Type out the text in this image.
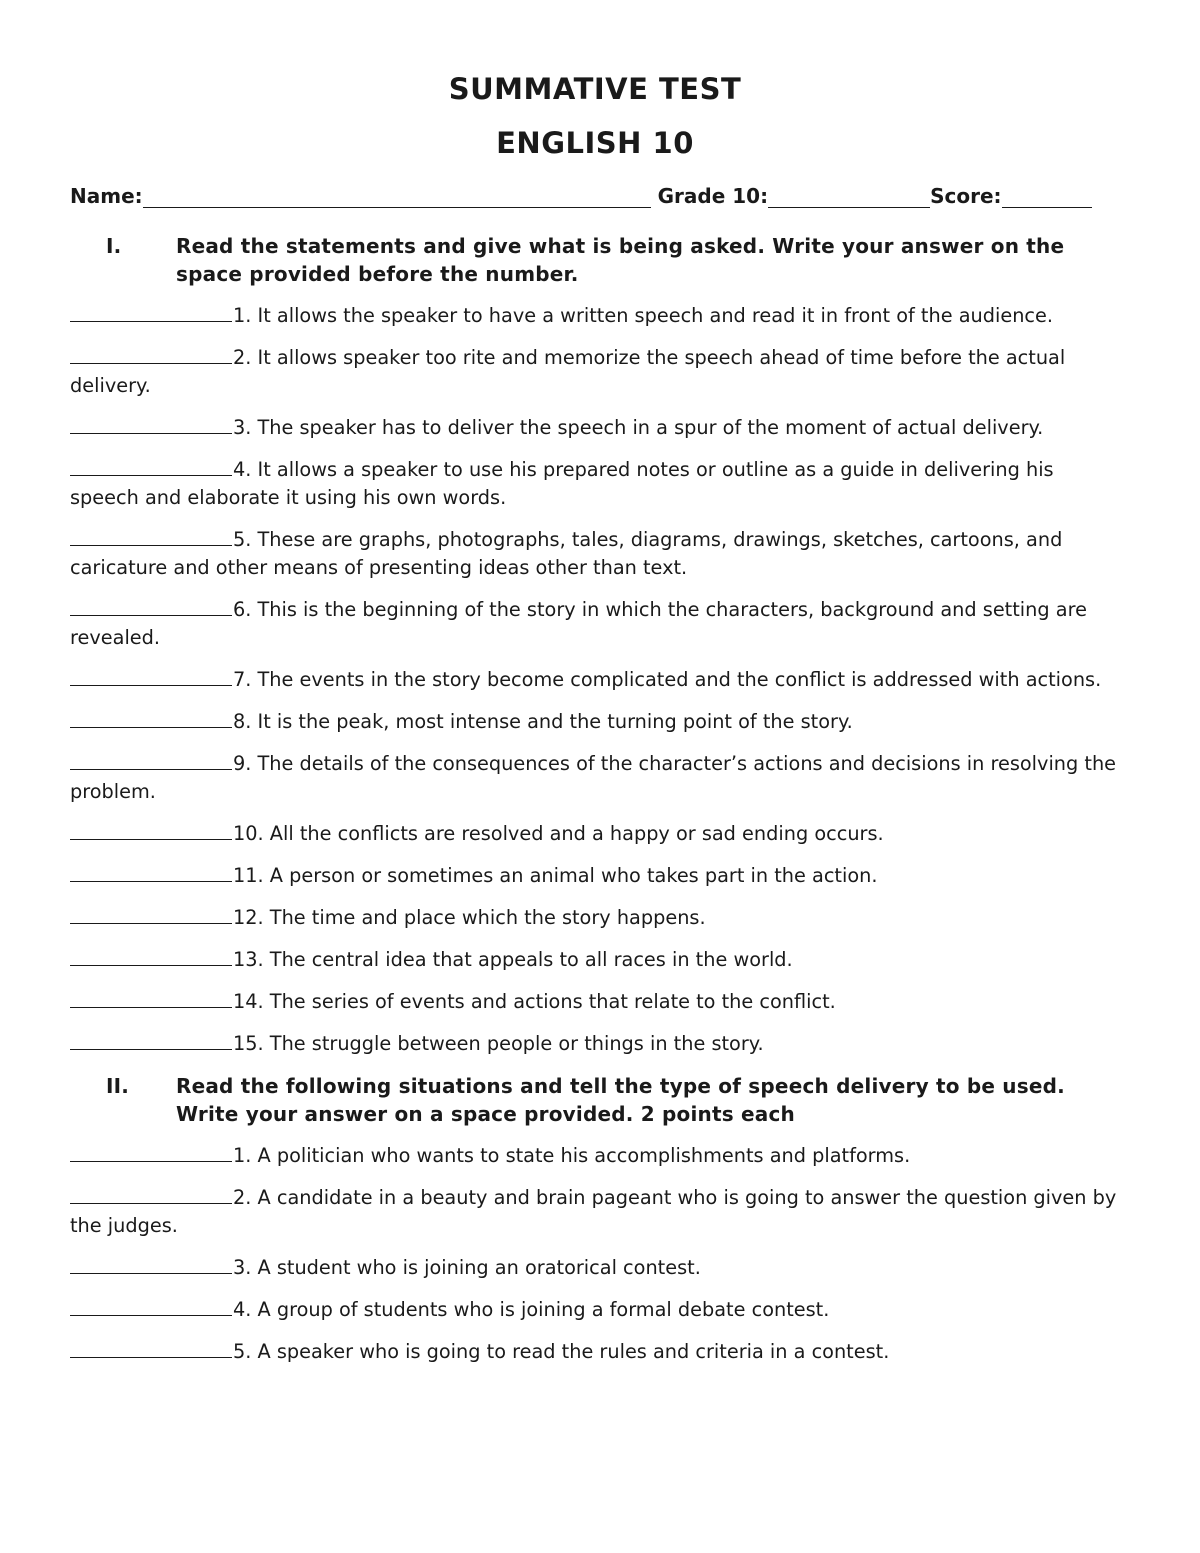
SUMMATIVE TEST
ENGLISH 10
Name:	Grade 10:	Score:
I.	Read the statements and give what is being asked. Write your answer on the space provided before the number.
1. It allows the speaker to have a written speech and read it in front of the audience.
2. It allows speaker too rite and memorize the speech ahead of time before the actual delivery.
3. The speaker has to deliver the speech in a spur of the moment of actual delivery.
4. It allows a speaker to use his prepared notes or outline as a guide in delivering his speech and elaborate it using his own words.
5. These are graphs, photographs, tales, diagrams, drawings, sketches, cartoons, and caricature and other means of presenting ideas other than text.
6. This is the beginning of the story in which the characters, background and setting are revealed.
7. The events in the story become complicated and the conflict is addressed with actions.
8. It is the peak, most intense and the turning point of the story.
9. The details of the consequences of the character’s actions and decisions in resolving the problem.
10. All the conflicts are resolved and a happy or sad ending occurs.
11. A person or sometimes an animal who takes part in the action.
12. The time and place which the story happens.
13. The central idea that appeals to all races in the world.
14. The series of events and actions that relate to the conflict.
15. The struggle between people or things in the story.
II.	Read the following situations and tell the type of speech delivery to be used. Write your answer on a space provided. 2 points each
1. A politician who wants to state his accomplishments and platforms.
2. A candidate in a beauty and brain pageant who is going to answer the question given by the judges.
3. A student who is joining an oratorical contest.
4. A group of students who is joining a formal debate contest.
5. A speaker who is going to read the rules and criteria in a contest.
